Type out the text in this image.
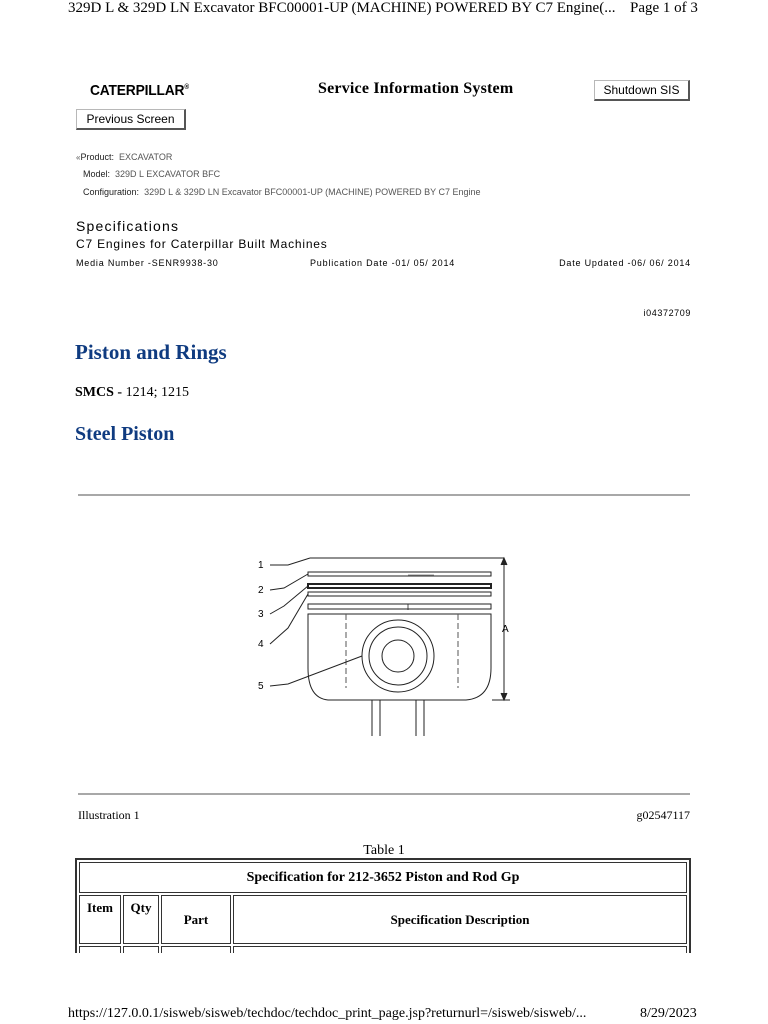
329D L & 329D LN Excavator BFC00001-UP (MACHINE) POWERED BY C7 Engine(... Page 1 of 3
CATERPILLAR®	Service Information System	Shutdown SIS
Previous Screen
«Product: EXCAVATOR
Model: 329D L EXCAVATOR BFC
Configuration: 329D L & 329D LN Excavator BFC00001-UP (MACHINE) POWERED BY C7 Engine
Specifications
C7 Engines for Caterpillar Built Machines
Media Number -SENR9938-30	Publication Date -01/ 05/ 2014	Date Updated -06/ 06/ 2014
i04372709
Piston and Rings
SMCS - 1214; 1215
Steel Piston
1
2
3
4
5
A
Illustration 1	g02547117
Table 1
Specification for 212-3652 Piston and Rod Gp			
Item	Qty	Part	Specification Description

https://127.0.0.1/sisweb/sisweb/techdoc/techdoc_print_page.jsp?returnurl=/sisweb/sisweb/...	8/29/2023
